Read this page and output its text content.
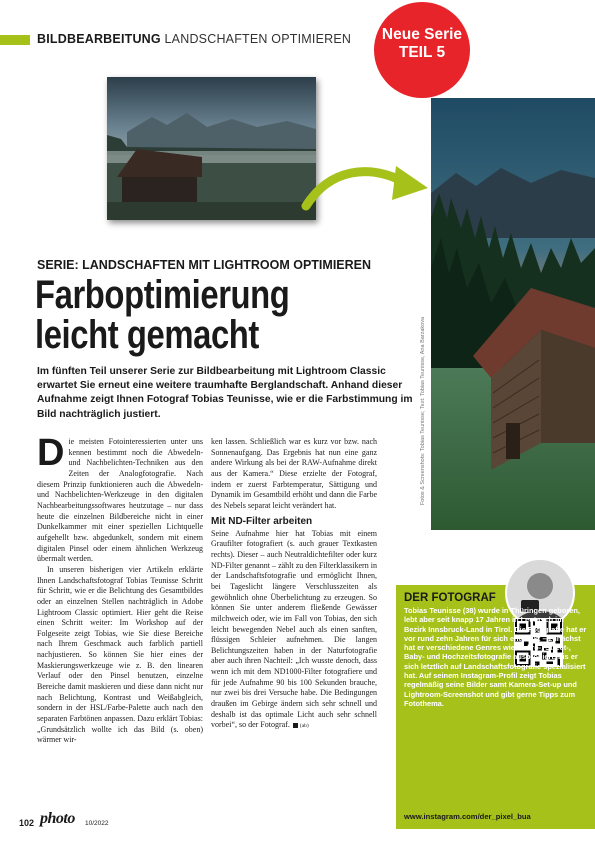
BILDBEARBEITUNG LANDSCHAFTEN OPTIMIEREN
Fotos & Screenshots: Tobias Teunisse; Text: Tobias Teunisse, Ana Barzakova
Neue Serie
TEIL 5
SERIE: LANDSCHAFTEN MIT LIGHTROOM OPTIMIEREN
Farboptimierung
leicht gemacht

Im fünften Teil unserer Serie zur Bildbearbeitung mit Lightroom Classic erwartet Sie erneut eine weitere traumhafte Berglandschaft. Anhand dieser Aufnahme zeigt Ihnen Fotograf Tobias Teunisse, wie er die Farbstimmung im Bild nachträglich justiert.

D ie meisten Fotointeressierten unter uns kennen bestimmt noch die Abwedeln- und Nachbelichten-Techniken aus den Zeiten der Analogfotografie. Nach diesem Prinzip funktionieren auch die Abwedeln- und Nachbelichten-Werkzeuge in den digitalen Nachbearbeitungssoftwares heutzutage – nur dass heute die einzelnen Bildbereiche nicht in einer Dunkelkammer mit einer speziellen Lichtquelle aufgehellt bzw. abgedunkelt, sondern mit einem digitalen Pinsel oder einem ähnlichen Werkzeug übermalt werden.

In unseren bisherigen vier Artikeln erklärte Ihnen Landschaftsfotograf Tobias Teunisse Schritt für Schritt, wie er die Belichtung des Gesamtbildes oder an einzelnen Stellen nachträglich in Adobe Lightroom Classic optimiert. Hier geht die Reise einen Schritt weiter: Im Workshop auf der Folgeseite zeigt Tobias, wie Sie diese Bereiche nach Ihrem Geschmack auch farblich partiell nachjustieren. So können Sie hier eines der Maskierungswerkzeuge wie z. B. den linearen Verlauf oder den Pinsel benutzen, einzelne Bereiche damit maskieren und diese dann nicht nur nach Belichtung, Kontrast und Weißabgleich, sondern in der HSL/Farbe-Palette auch nach den separaten Farbtönen anpassen. Dazu erklärt Tobias: „Grundsätzlich wollte ich das Bild (s. oben) wärmer wir-

ken lassen. Schließlich war es kurz vor bzw. nach Sonnenaufgang. Das Ergebnis hat nun eine ganz andere Wirkung als bei der RAW-Aufnahme direkt aus der Kamera.“ Diese erzielte der Fotograf, indem er zuerst Farbtemperatur, Sättigung und Dynamik im Gesamtbild erhöht und dann die Farbe des Nebels separat leicht verändert hat.

Mit ND-Filter arbeiten

Seine Aufnahme hier hat Tobias mit einem Graufilter fotografiert (s. auch grauer Textkasten rechts). Dieser – auch Neutraldichtefilter oder kurz ND-Filter genannt – zählt zu den Filterklassikern in der Landschaftsfotografie und ermöglicht Ihnen, bei Tageslicht längere Verschlusszeiten als gewöhnlich ohne Überbelichtung zu erzeugen. So können Sie unter anderem fließende Gewässer milchweich oder, wie im Fall von Tobias, den sich leicht bewegenden Nebel auch als einen sanften, flüssigen Schleier aufnehmen. Die langen Belichtungszeiten haben in der Naturfotografie aber auch ihren Nachteil: „Ich wusste denoch, dass wenn ich mit dem ND1000-Filter fotografiere und für jede Aufnahme 90 bis 100 Sekunden brauche, nur zwei bis drei Versuche habe. Die Bedingungen draußen im Gebirge ändern sich sehr schnell und deshalb ist das optimale Licht auch sehr schnell vorbei“, so der Fotograf. (ab)

DER FOTOGRAF

Tobias Teunisse (38) wurde in Thüringen geboren, lebt aber seit knapp 17 Jahren in Leutasch im Bezirk Innsbruck-Land in Tirol. Die Fotografie hat er vor rund zehn Jahren für sich entdeckt – zunächst hat er verschiedene Genres wie Makro-, Street-, Baby- und Hochzeitsfotografie ausprobiert, bis er sich letztlich auf Landschaftsfotografie spezialisiert hat. Auf seinem Instagram-Profil zeigt Tobias regelmäßig seine Bilder samt Kamera-Set-up und Lightroom-Screenshot und gibt gerne Tipps zum Fotothema.

www.instagram.com/der_pixel_bua
102 photo 10/2022
